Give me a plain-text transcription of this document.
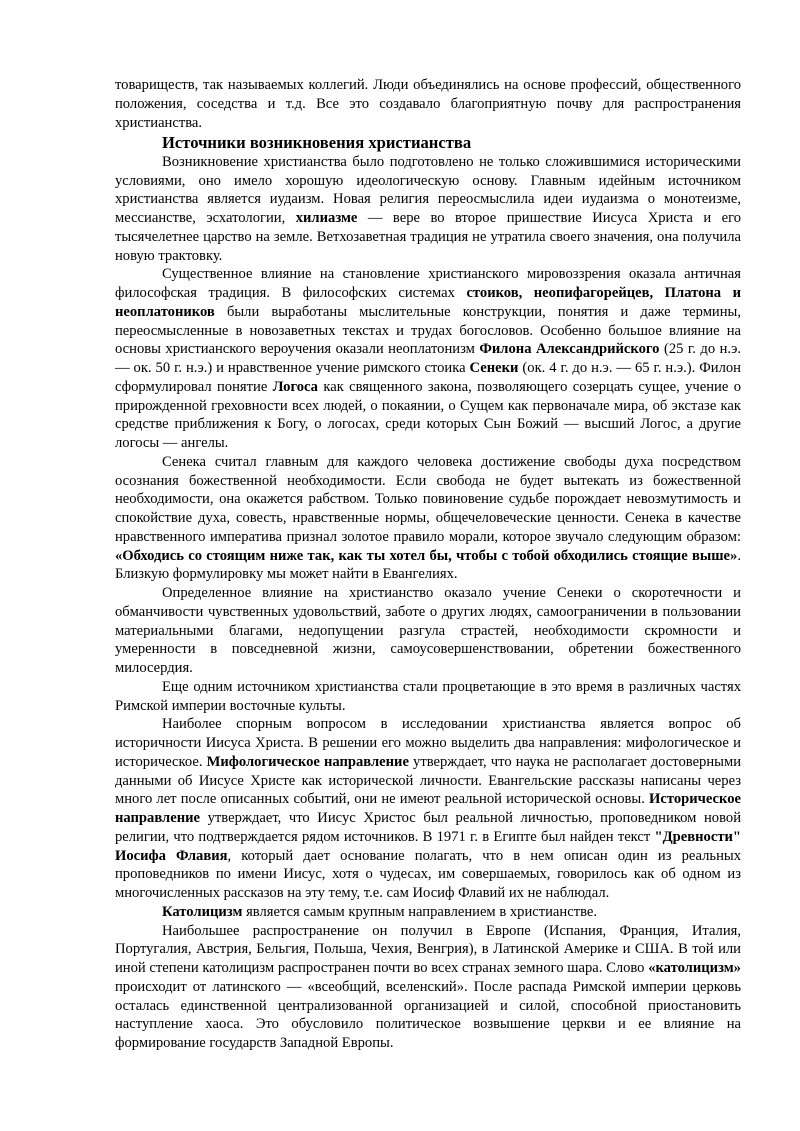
товариществ, так называемых коллегий. Люди объединялись на основе профессий, общественного положения, соседства и т.д. Все это создавало благоприятную почву для распространения христианства.

Источники возникновения христианства

Возникновение христианства было подготовлено не только сложившимися историческими условиями, оно имело хорошую идеологическую основу. Главным идейным источником христианства является иудаизм. Новая религия переосмыслила идеи иудаизма о монотеизме, мессианстве, эсхатологии, хилиазме — вере во второе пришествие Иисуса Христа и его тысячелетнее царство на земле. Ветхозаветная традиция не утратила своего значения, она получила новую трактовку.

Существенное влияние на становление христианского мировоззрения оказала античная философская традиция. В философских системах стоиков, неопифагорейцев, Платона и неоплатоников были выработаны мыслительные конструкции, понятия и даже термины, переосмысленные в новозаветных текстах и трудах богословов. Особенно большое влияние на основы христианского вероучения оказали неоплатонизм Филона Александрийского (25 г. до н.э. — ок. 50 г. н.э.) и нравственное учение римского стоика Сенеки (ок. 4 г. до н.э. — 65 г. н.э.). Филон сформулировал понятие Логоса как священного закона, позволяющего созерцать сущее, учение о прирожденной греховности всех людей, о покаянии, о Сущем как первоначале мира, об экстазе как средстве приближения к Богу, о логосах, среди которых Сын Божий — высший Логос, а другие логосы — ангелы.

Сенека считал главным для каждого человека достижение свободы духа посредством осознания божественной необходимости. Если свобода не будет вытекать из божественной необходимости, она окажется рабством. Только повиновение судьбе порождает невозмутимость и спокойствие духа, совесть, нравственные нормы, общечеловеческие ценности. Сенека в качестве нравственного императива признал золотое правило морали, которое звучало следующим образом: «Обходись со стоящим ниже так, как ты хотел бы, чтобы с тобой обходились стоящие выше». Близкую формулировку мы может найти в Евангелиях.

Определенное влияние на христианство оказало учение Сенеки о скоротечности и обманчивости чувственных удовольствий, заботе о других людях, самоограничении в пользовании материальными благами, недопущении разгула страстей, необходимости скромности и умеренности в повседневной жизни, самоусовершенствовании, обретении божественного милосердия.

Еще одним источником христианства стали процветающие в это время в различных частях Римской империи восточные культы.

Наиболее спорным вопросом в исследовании христианства является вопрос об историчности Иисуса Христа. В решении его можно выделить два направления: мифологическое и историческое. Мифологическое направление утверждает, что наука не располагает достоверными данными об Иисусе Христе как исторической личности. Евангельские рассказы написаны через много лет после описанных событий, они не имеют реальной исторической основы. Историческое направление утверждает, что Иисус Христос был реальной личностью, проповедником новой религии, что подтверждается рядом источников. В 1971 г. в Египте был найден текст "Древности" Иосифа Флавия, который дает основание полагать, что в нем описан один из реальных проповедников по имени Иисус, хотя о чудесах, им совершаемых, говорилось как об одном из многочисленных рассказов на эту тему, т.е. сам Иосиф Флавий их не наблюдал.

Католицизм является самым крупным направлением в христианстве.

Наибольшее распространение он получил в Европе (Испания, Франция, Италия, Португалия, Австрия, Бельгия, Польша, Чехия, Венгрия), в Латинской Америке и США. В той или иной степени католицизм распространен почти во всех странах земного шара. Слово «католицизм» происходит от латинского — «всеобщий, вселенский». После распада Римской империи церковь осталась единственной централизованной организацией и силой, способной приостановить наступление хаоса. Это обусловило политическое возвышение церкви и ее влияние на формирование государств Западной Европы.
